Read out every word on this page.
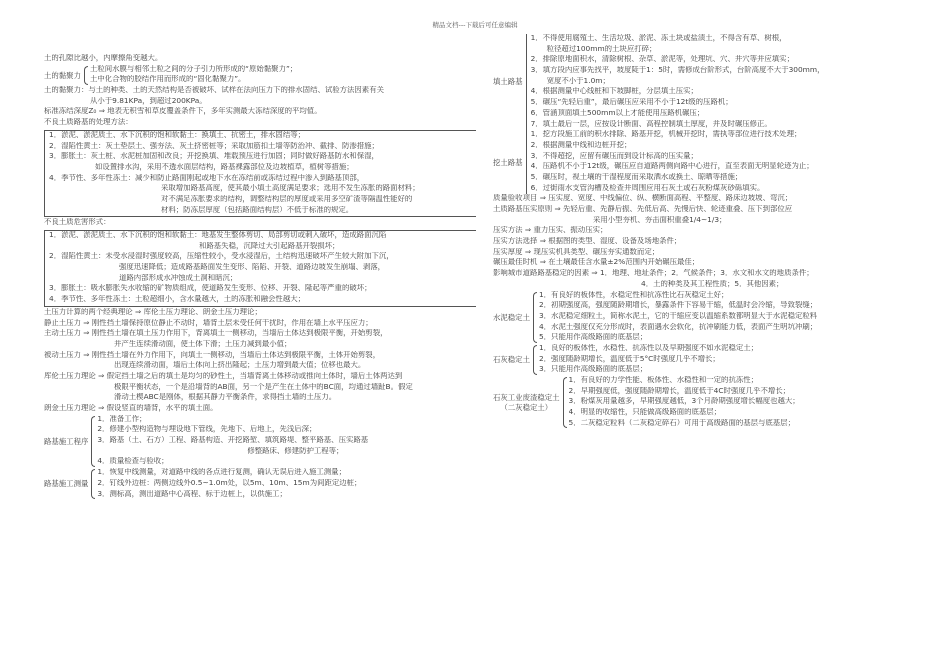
精品文档---下载后可任意编辑
土的孔隙比越小，内摩擦角变越大。
土的黏聚力
土粒间水膜与相邻土粒之间的分子引力所形成的“原始黏聚力”；
土中化合物的胶结作用而形成的“固化黏聚力”。
土的黏聚力：与土的种类、土的天然结构是否被破坏、试样在法向压力下的排水固结、试验方法因素有关
从小于9.81KPa，到超过200KPa。
标准冻结深度Z₀ ⇒ 地表无积雪和草皮覆盖条件下，多年实测最大冻结深度的平均值。
不良土质路基的处理方法：
1．淤泥、淤泥质土、水下沉积的饱和软黏土：换填土、抗密土，排水固结等；
2．湿陷性黄土：灰土垫层土、强夯法、灰土挤密桩等；采取加筋扣土墙等防治冲、截排、防渗措施；
3．膨胀土：灰土桩、水泥桩加固和改良；开挖换填、堆载预压进行加固；同时做好路基防水和保湿，
如设置排水沟，采用不透水面层结构，路基裸露部位及边坡植草，植树等措施；
4．季节性、多年性冻土：减少和防止路面刚起或地下水在冻结前或冻结过程中渗入到路基顶部，
采取增加路基高度，使其最小填土高度满足要求；选用不发生冻胀的路面材料；
对不满足冻胀要求的结构，调整结构层的厚度或采用多空矿渣等隔温性能好的
材料；防冻层厚度（包括路面结构层）不低于标准的规定。
不良土质危害形式：
1．淤泥、淤泥质土、水下沉积的饱和软黏土：地基发生整体剪切、局部剪切或刺入破坏，造成路面沉陷
和路基失稳，沉降过大引起路基开裂损坏；
2．湿陷性黄土：未受水浸湿时强度较高，压缩性较小，受水浸湿后，土结构迅速破坏产生较大附加下沉，
强度迅速降低；造成路基路面发生变形、陷陷、开裂、道路边坡发生崩塌、剥落，
道路内部形成水冲蚀成土洞和暗沉；
3．膨胀土：吸水膨胀失水收缩的矿物质组成，使道路发生变形、位移、开裂、隆起等严重的破坏；
4．季节性、多年性冻土：土粒超细小，含水量越大，土的冻胀和融会性越大；
土压力计算的两个经典理论 ⇒ 库伦土压力理论、朗金土压力理论；
静止土压力 ⇒ 刚性挡土墙保持原位静止不动时，墙背土层未受任何干扰时，作用在墙上水平压应力；
主动土压力 ⇒ 刚性挡土墙在填土压力作用下，背离填土一侧移动，当墙后土体达到极限平衡，开始剪裂，
并产生连续滑动面，使土体下滑；土压力减到最小值；
被动土压力 ⇒ 刚性挡土墙在外力作用下，向填土一侧移动，当墙后土体达到极限平衡，土体开始剪裂，
出现连续滑动面，墙后土体向上挤出隆起；土压力增到最大值；位移也最大。
库伦土压力理论 ⇒ 假定挡土墙之后的填土是均匀的砂性土，当墙背离土体移动或推向土体时，墙后土体两达到
极限平衡状态，一个是沿墙背的AB面，另一个是产生在土体中的BC面，均通过墙趾B。假定
滑动土楔ABC是刚体，根据其静力平衡条件，求得挡土墙的土压力。
朗金土压力理论 ⇒ 假设竖直的墙背，水平的填土面。
路基施工程序
1．准备工作；
2．修建小型构造物与埋设地下管线，先地下、后地上，先浅后深；
3．路基（土、石方）工程、路基构造、开挖路堑、填筑路堤、整平路基、压实路基
修整路床、修建防护工程等；
4．质量检查与验收；
路基施工测量
1．恢复中线测量，对道路中线的各点进行复测，确认无误后进入施工测量；
2．钉线外边桩：两侧边线外0.5~1.0m处，以5m、10m、15m为间距定边桩；
3．测标高，测出道路中心高程、标于边桩上，以供施工；
填土路基
1．不得使用腐殖土、生活垃圾、淤泥、冻土块或盐渍土，不得含有草、树根，
粒径超过100mm的土块应打碎；
2．排除原地面积水，清除树根、杂草、淤泥等，处理坑、穴、井穴等并应填实；
3．填方段内应事先找平，坡度陡于1：5时，需修成台阶形式，台阶高度不大于300mm，
宽度不小于1.0m；
4．根据测量中心线桩和下坡脚桩，分层填土压实；
5．碾压“先轻后重”，最后碾压应采用不小于12t级的压路机；
6．管涵顶面填土500mm以上才能使用压路机碾压；
7．填土最后一层，应按设计断面、高程控制填土厚度，并及时碾压修正。
挖土路基
1．挖方段施工前的积水排除、路基开挖，机械开挖时，需执等部位进行技术处理；
2．根据测量中线和边桩开挖；
3．不得超挖，应留有碾压而到设计标高的压实量；
4．压路机不小于12t级，碾压应自道路两侧向路中心进行，直至表面无明显轮迹为止；
5．碾压时，视土壤的干湿程度而采取洒水或换土、晾晒等措施；
6．过街雨水支管沟槽及检查井周围应用石灰土或石灰粉煤灰砂砾填实。
质量验收项目 ⇒ 压实度、宽度、中线偏位、纵、横断面高程、平整度、路床边坡坡、弯沉；
土质路基压实原则 ⇒ 先轻后重、先静后振、先低后高、先慢后快、轮迹重叠、压下到部位应
采用小型夯机、夯击面积重叠1/4~1/3；
压实方法 ⇒ 重力压实、振动压实；
压实方法选择 ⇒ 根据图的类型、湿度、设备及场地条件；
压实厚度 ⇒ 现压实机具类型、碾压夯实通数而定；
碾压最佳时机 ⇒ 在土壤最佳含水量±2%范围内开始碾压最佳；
影响城市道路路基稳定的因素 ⇒ 1．地理、地址条件；2．气候条件；3．水文和水文的地质条件；
4．土的种类及其工程性质；5．其他因素；
水泥稳定土
1．有良好的板体性，水稳定性和抗冻性比石灰稳定土好；
2．初期强度高，强度随龄期增长，暴露条件下容易干缩，低温时会冷缩，导致裂缝；
3．水泥稳定细粒土，简称水泥土，它的干缩应变以温缩系数都明显大于水泥稳定粒料
4．水泥土强度仅充分形成时，表面遇水会软化，抗冲刷能力低，表面产生明坑冲刷；
5．只能用作高级路面的底基层；
石灰稳定土
1．良好的板体性，水稳性、抗冻性以及早期强度不如水泥稳定土；
2．强度随龄期增长，温度低于5°C时强度几乎不增长；
3．只能用作高级路面的底基层；
石灰工业废渣稳定土
（二灰稳定土）
1．有良好的力学性能、板体性、水稳性和一定的抗冻性；
2．早期强度低，强度随龄期增长，温度低于4C时强度几乎不增长；
3．粉煤灰用量越多，早期强度越低，3个月龄期强度增长幅度也越大；
4．明显的收缩性，只能做高级路面的底基层；
5．二灰稳定粒料（二灰稳定碎石）可用于高级路面的基层与底基层；
